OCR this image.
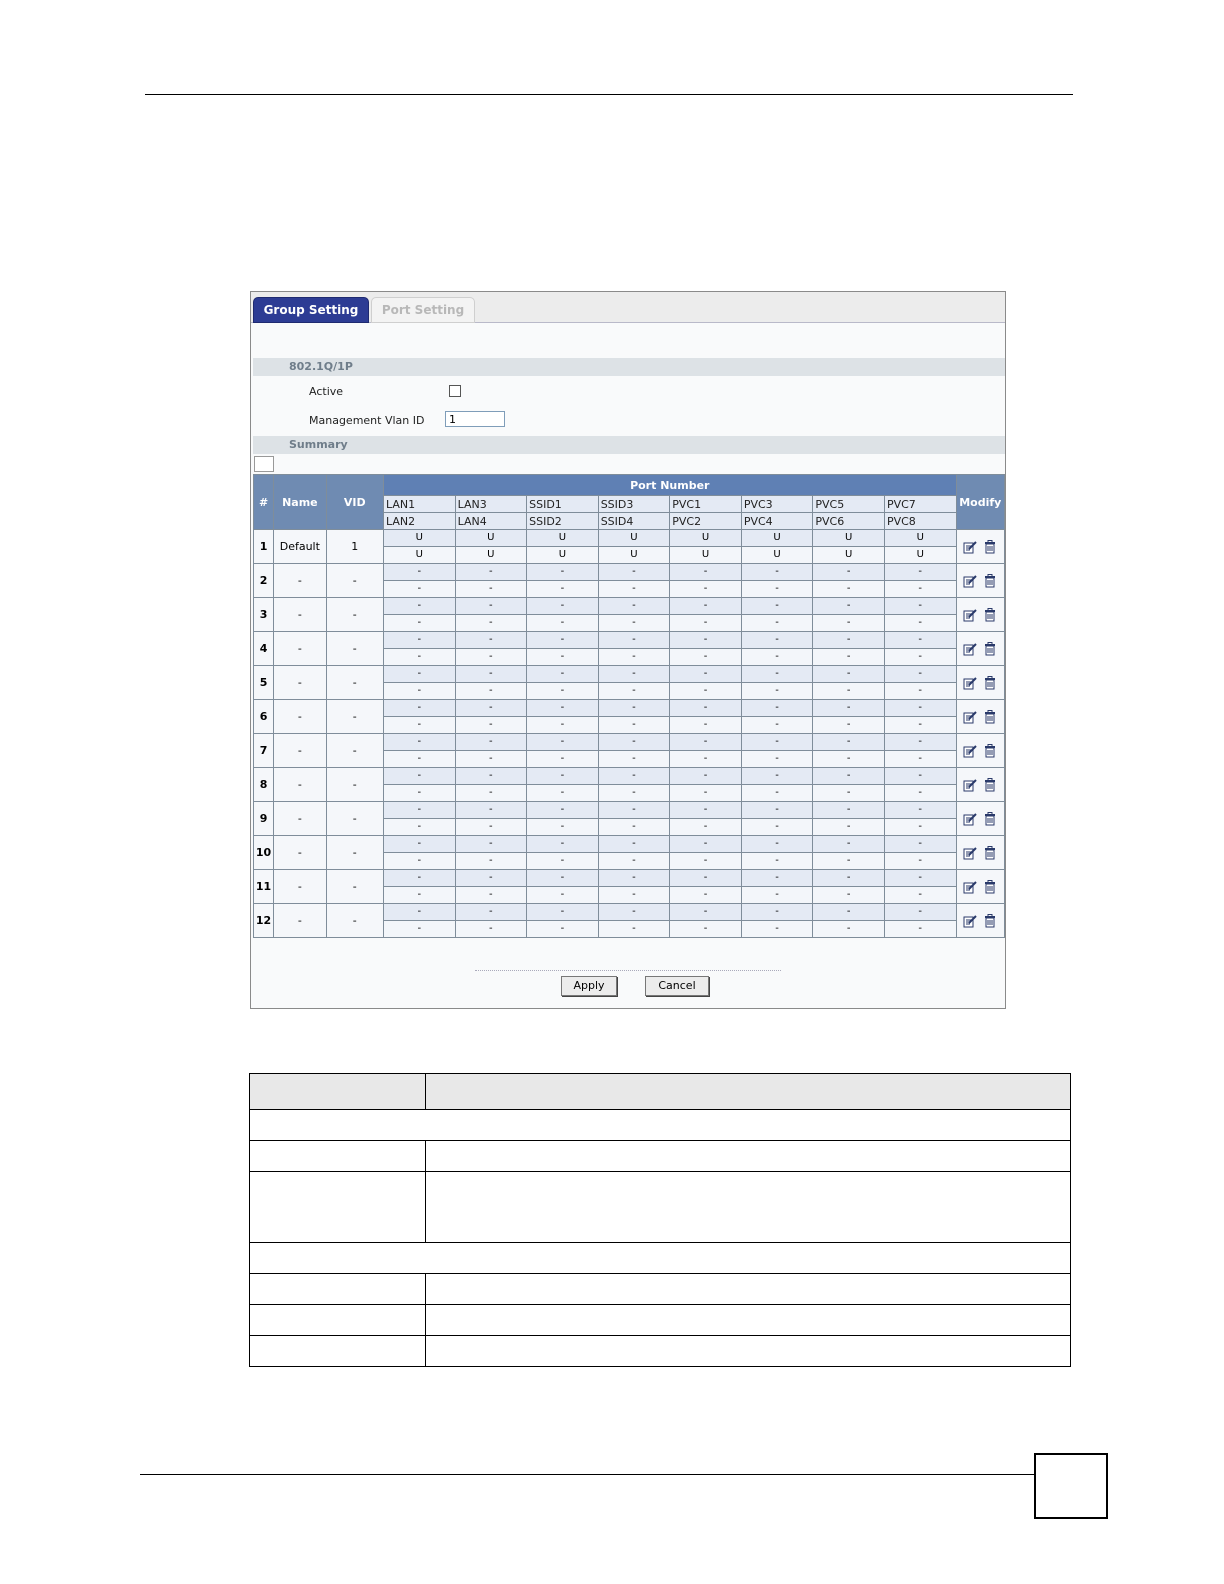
Group Setting	Port Setting
802.1Q/1P
Active
Management Vlan ID	1
Summary
#	Name	VID	Port Number								Modify
			LAN1	LAN3	SSID1	SSID3	PVC1	PVC3	PVC5	PVC7	
			LAN2	LAN4	SSID2	SSID4	PVC2	PVC4	PVC6	PVC8	
1	Default	1	U	U	U	U	U	U	U	U	
			U	U	U	U	U	U	U	U	
2	-	-	-	-	-	-	-	-	-	-	
			-	-	-	-	-	-	-	-	
3	-	-	-	-	-	-	-	-	-	-	
			-	-	-	-	-	-	-	-	
4	-	-	-	-	-	-	-	-	-	-	
			-	-	-	-	-	-	-	-	
5	-	-	-	-	-	-	-	-	-	-	
			-	-	-	-	-	-	-	-	
6	-	-	-	-	-	-	-	-	-	-	
			-	-	-	-	-	-	-	-	
7	-	-	-	-	-	-	-	-	-	-	
			-	-	-	-	-	-	-	-	
8	-	-	-	-	-	-	-	-	-	-	
			-	-	-	-	-	-	-	-	
9	-	-	-	-	-	-	-	-	-	-	
			-	-	-	-	-	-	-	-	
10	-	-	-	-	-	-	-	-	-	-	
			-	-	-	-	-	-	-	-	
11	-	-	-	-	-	-	-	-	-	-	
			-	-	-	-	-	-	-	-	
12	-	-	-	-	-	-	-	-	-	-	
			-	-	-	-	-	-	-	-	
Apply	Cancel
